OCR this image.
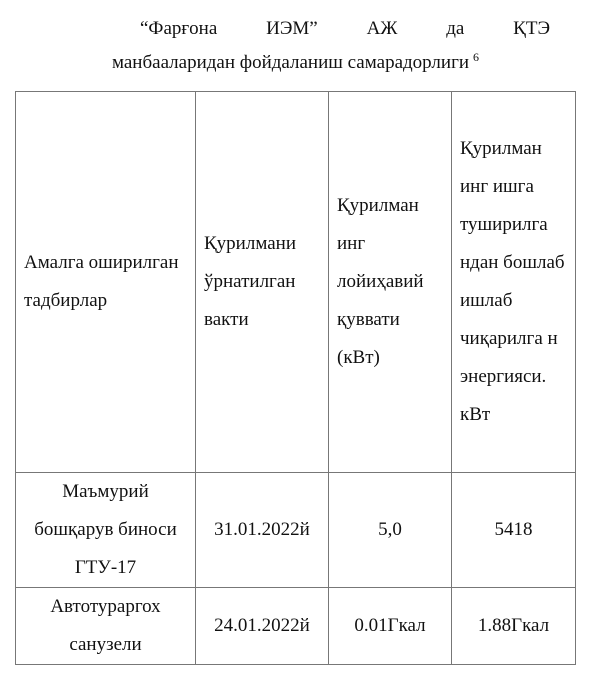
“Фарғона	ИЭМ”	АЖ	да	ҚТЭ
манбааларидан фойдаланиш самарадорлиги $^6$
Амалга оширилган тадбирлар	Қурилмани ўрнатилган вакти	Қурилман инг лойиҳавий қуввати (кВт)	Қурилман инг ишга туширилга ндан бошлаб ишлаб чиқарилга н энергияси. кВт

Маъмурий бошқарув биноси ГТУ-17	31.01.2022й	5,0	5418
Автотураргох санузели	24.01.2022й	0.01Гкал	1.88Гкал
